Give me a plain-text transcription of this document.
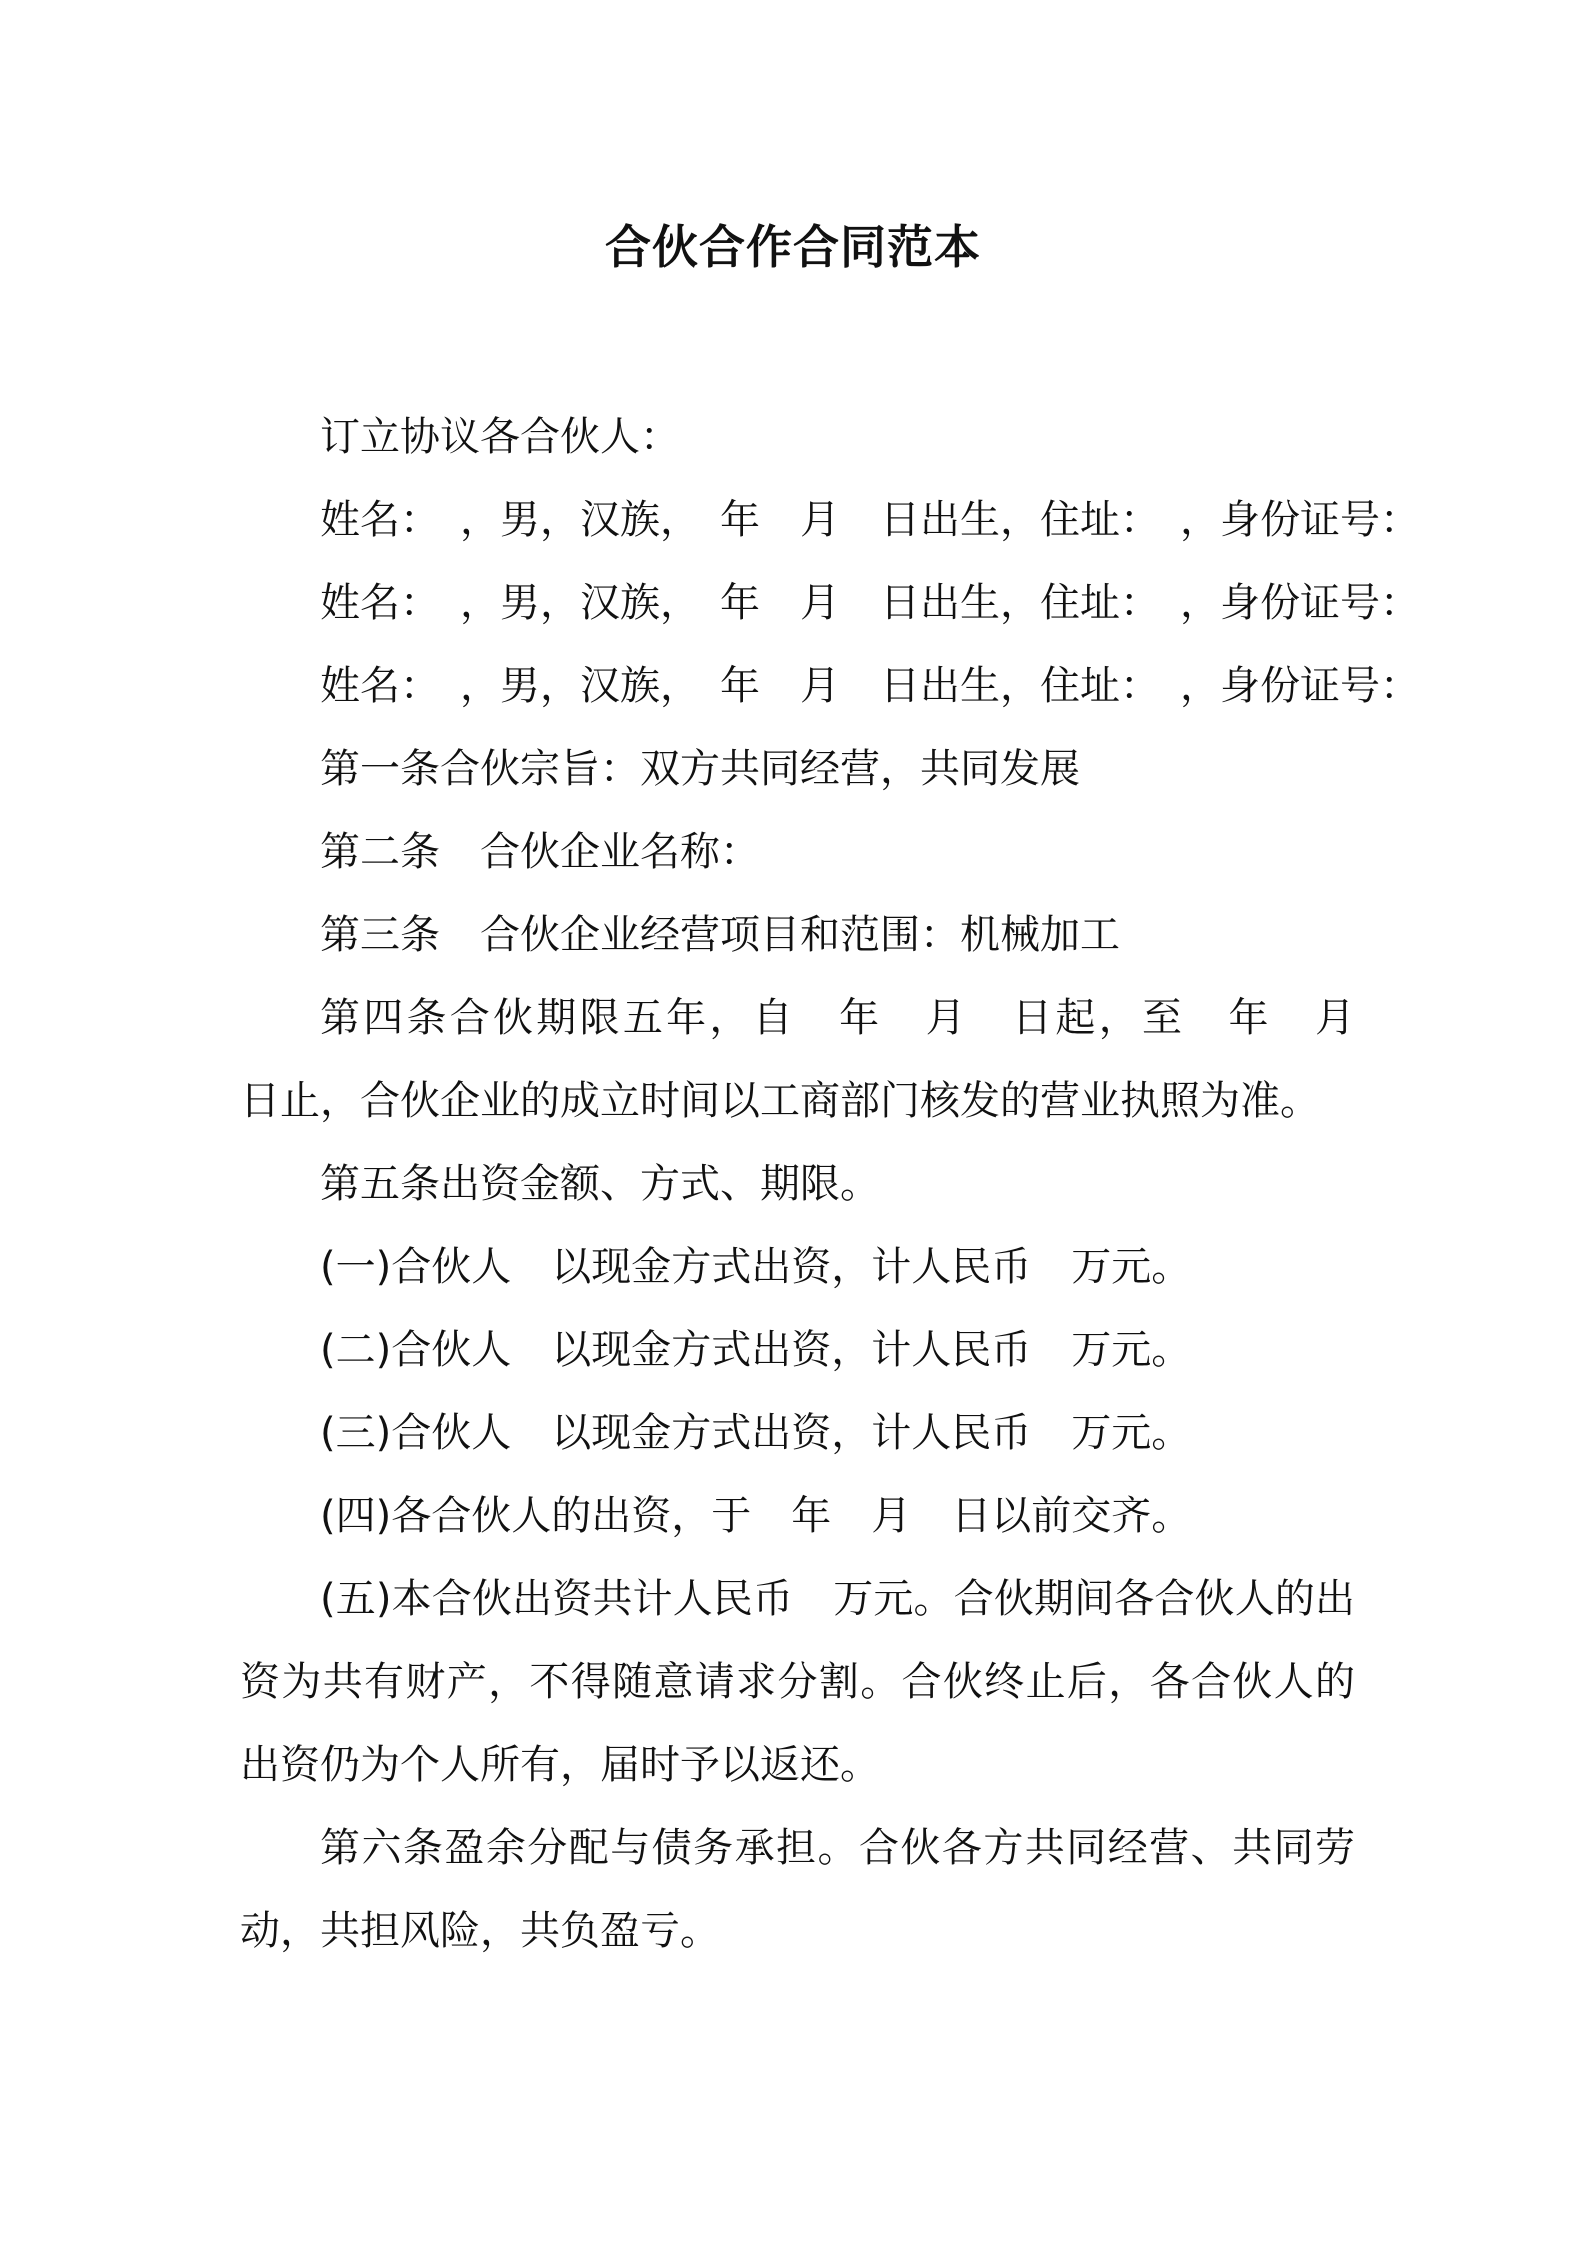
合伙合作合同范本

订立协议各合伙人：

姓名：　，男，汉族，　年　月　日出生，住址：　，身份证号：

姓名：　，男，汉族，　年　月　日出生，住址：　，身份证号：

姓名：　，男，汉族，　年　月　日出生，住址：　，身份证号：

第一条合伙宗旨：双方共同经营，共同发展

第二条　合伙企业名称：

第三条　合伙企业经营项目和范围：机械加工

第四条合伙期限五年，自　年　月　日起，至　年　月　日止，合伙企业的成立时间以工商部门核发的营业执照为准。

第五条出资金额、方式、期限。

(一)合伙人　以现金方式出资，计人民币　万元。

(二)合伙人　以现金方式出资，计人民币　万元。

(三)合伙人　以现金方式出资，计人民币　万元。

(四)各合伙人的出资，于　年　月　日以前交齐。

(五)本合伙出资共计人民币　万元。合伙期间各合伙人的出资为共有财产，不得随意请求分割。合伙终止后，各合伙人的出资仍为个人所有，届时予以返还。

第六条盈余分配与债务承担。合伙各方共同经营、共同劳动，共担风险，共负盈亏。
